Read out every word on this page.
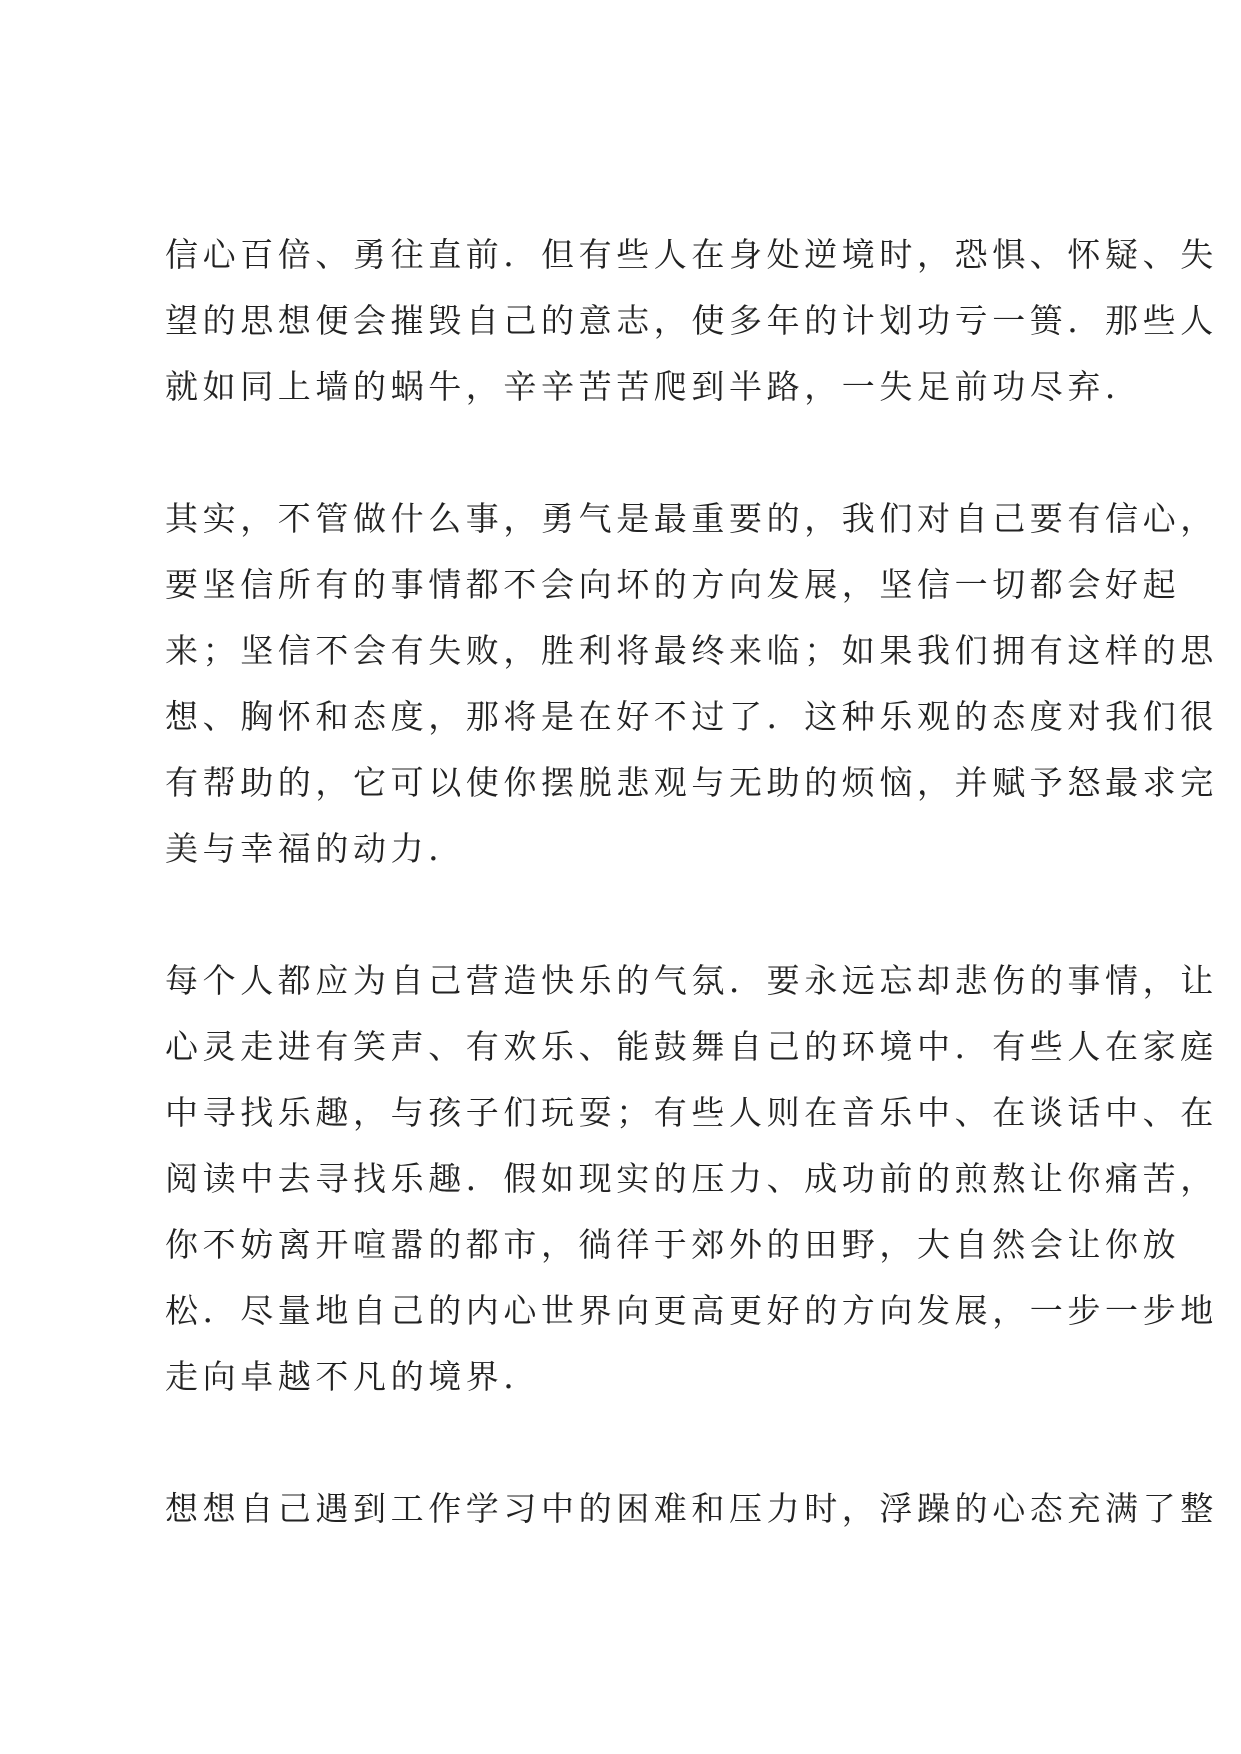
信心百倍、勇往直前．但有些人在身处逆境时，恐惧、怀疑、失
望的思想便会摧毁自己的意志，使多年的计划功亏一篑．那些人
就如同上墙的蜗牛，辛辛苦苦爬到半路，一失足前功尽弃．
其实，不管做什么事，勇气是最重要的，我们对自己要有信心，
要坚信所有的事情都不会向坏的方向发展，坚信一切都会好起
来；坚信不会有失败，胜利将最终来临；如果我们拥有这样的思
想、胸怀和态度，那将是在好不过了．这种乐观的态度对我们很
有帮助的，它可以使你摆脱悲观与无助的烦恼，并赋予怒最求完
美与幸福的动力．
每个人都应为自己营造快乐的气氛．要永远忘却悲伤的事情，让
心灵走进有笑声、有欢乐、能鼓舞自己的环境中．有些人在家庭
中寻找乐趣，与孩子们玩耍；有些人则在音乐中、在谈话中、在
阅读中去寻找乐趣．假如现实的压力、成功前的煎熬让你痛苦，
你不妨离开喧嚣的都市，徜徉于郊外的田野，大自然会让你放
松．尽量地自己的内心世界向更高更好的方向发展，一步一步地
走向卓越不凡的境界．
想想自己遇到工作学习中的困难和压力时，浮躁的心态充满了整
